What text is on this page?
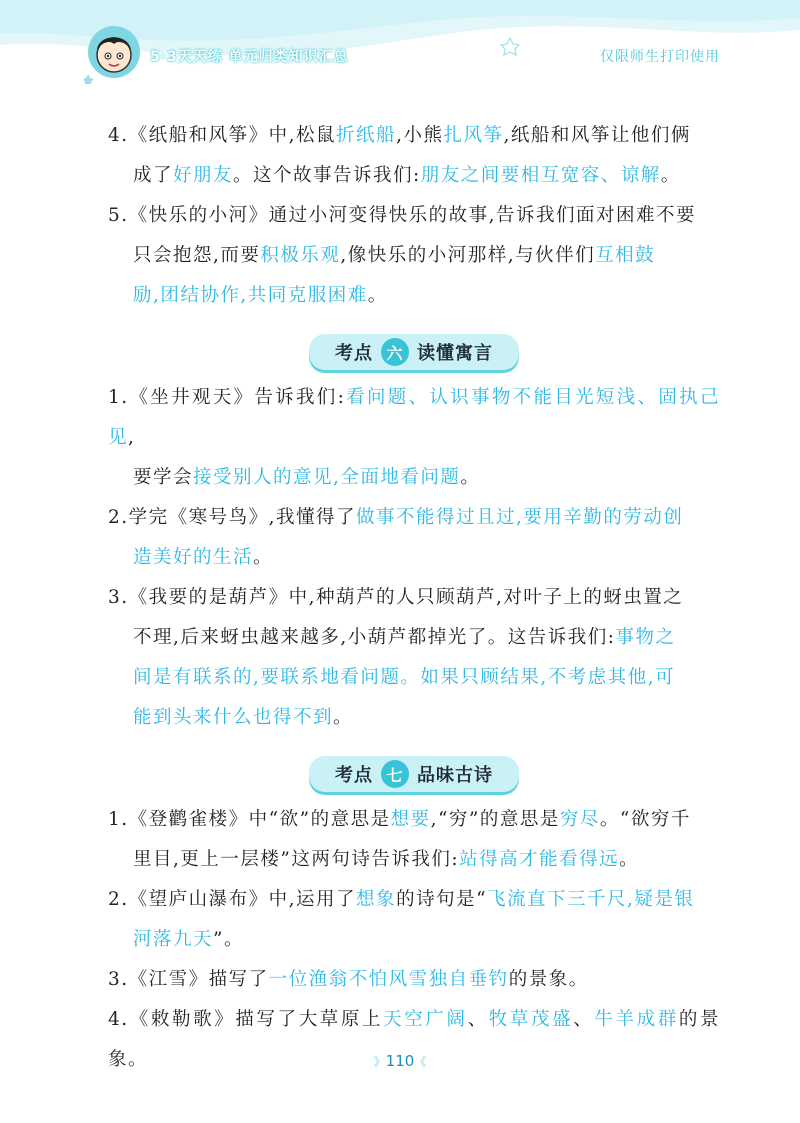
5·3天天练 单元归类知识汇总	仅限师生打印使用
4.《纸船和风筝》中,松鼠折纸船,小熊扎风筝,纸船和风筝让他们俩
成了好朋友。这个故事告诉我们:朋友之间要相互宽容、谅解。
5.《快乐的小河》通过小河变得快乐的故事,告诉我们面对困难不要
只会抱怨,而要积极乐观,像快乐的小河那样,与伙伴们互相鼓
励,团结协作,共同克服困难。
考点 六 读懂寓言
1.《坐井观天》告诉我们:看问题、认识事物不能目光短浅、固执己见,
要学会接受别人的意见,全面地看问题。
2.学完《寒号鸟》,我懂得了做事不能得过且过,要用辛勤的劳动创
造美好的生活。
3.《我要的是葫芦》中,种葫芦的人只顾葫芦,对叶子上的蚜虫置之
不理,后来蚜虫越来越多,小葫芦都掉光了。这告诉我们:事物之
间是有联系的,要联系地看问题。如果只顾结果,不考虑其他,可
能到头来什么也得不到。
考点 七 品味古诗
1.《登鹳雀楼》中“欲”的意思是想要,“穷”的意思是穷尽。“欲穷千
里目,更上一层楼”这两句诗告诉我们:站得高才能看得远。
2.《望庐山瀑布》中,运用了想象的诗句是“飞流直下三千尺,疑是银
河落九天”。
3.《江雪》描写了一位渔翁不怕风雪独自垂钓的景象。
4.《敕勒歌》描写了大草原上天空广阔、牧草茂盛、牛羊成群的景象。	》110《
